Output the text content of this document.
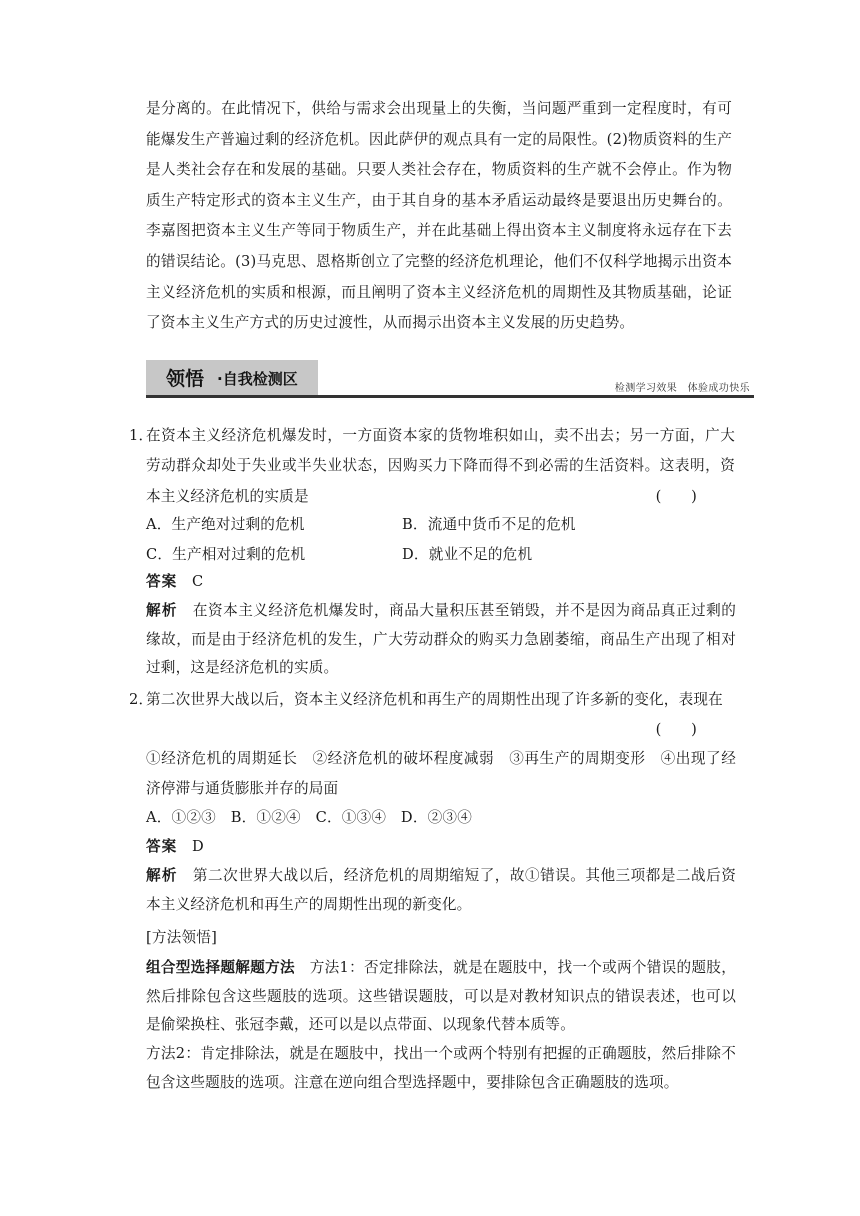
是分离的。在此情况下，供给与需求会出现量上的失衡，当问题严重到一定程度时，有可能爆发生产普遍过剩的经济危机。因此萨伊的观点具有一定的局限性。(2)物质资料的生产是人类社会存在和发展的基础。只要人类社会存在，物质资料的生产就不会停止。作为物质生产特定形式的资本主义生产，由于其自身的基本矛盾运动最终是要退出历史舞台的。李嘉图把资本主义生产等同于物质生产，并在此基础上得出资本主义制度将永远存在下去的错误结论。(3)马克思、恩格斯创立了完整的经济危机理论，他们不仅科学地揭示出资本主义经济危机的实质和根源，而且阐明了资本主义经济危机的周期性及其物质基础，论证了资本主义生产方式的历史过渡性，从而揭示出资本主义发展的历史趋势。
领悟 ·自我检测区
检测学习效果　体验成功快乐
1．
在资本主义经济危机爆发时，一方面资本家的货物堆积如山，卖不出去；另一方面，广大劳动群众却处于失业或半失业状态，因购买力下降而得不到必需的生活资料。这表明，资本主义经济危机的实质是	(　　)
A．生产绝对过剩的危机	B．流通中货币不足的危机
C．生产相对过剩的危机	D．就业不足的危机
答案　 C
解析　 在资本主义经济危机爆发时，商品大量积压甚至销毁，并不是因为商品真正过剩的缘故，而是由于经济危机的发生，广大劳动群众的购买力急剧萎缩，商品生产出现了相对过剩，这是经济危机的实质。
2．
第二次世界大战以后，资本主义经济危机和再生产的周期性出现了许多新的变化，表现在
(　　)
①经济危机的周期延长　②经济危机的破坏程度减弱　③再生产的周期变形　④出现了经济停滞与通货膨胀并存的局面
A．①②③　B．①②④　C．①③④　D．②③④
答案　 D
解析　 第二次世界大战以后，经济危机的周期缩短了，故①错误。其他三项都是二战后资本主义经济危机和再生产的周期性出现的新变化。
[方法领悟]
组合型选择题解题方法　 方法1：否定排除法，就是在题肢中，找一个或两个错误的题肢，然后排除包含这些题肢的选项。这些错误题肢，可以是对教材知识点的错误表述，也可以是偷梁换柱、张冠李戴，还可以是以点带面、以现象代替本质等。
方法2：肯定排除法，就是在题肢中，找出一个或两个特别有把握的正确题肢，然后排除不包含这些题肢的选项。注意在逆向组合型选择题中，要排除包含正确题肢的选项。
